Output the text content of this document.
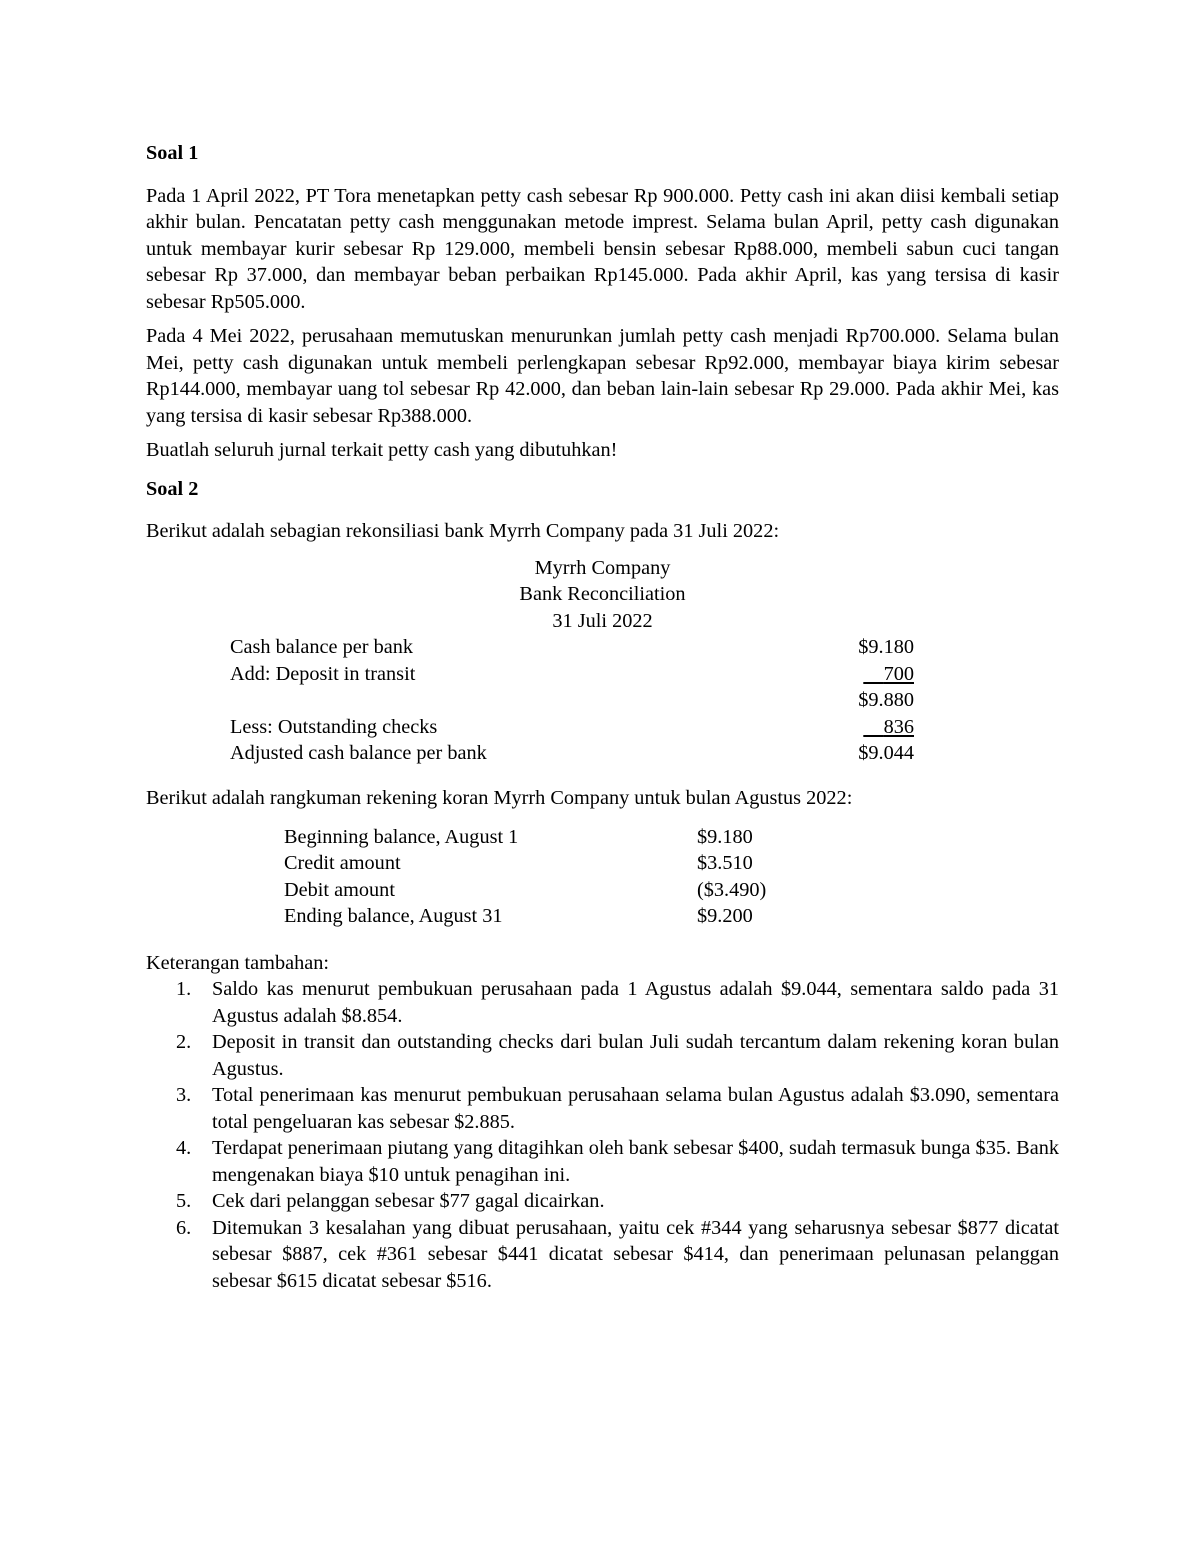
Soal 1

Pada 1 April 2022, PT Tora menetapkan petty cash sebesar Rp 900.000. Petty cash ini akan diisi kembali setiap akhir bulan. Pencatatan petty cash menggunakan metode imprest. Selama bulan April, petty cash digunakan untuk membayar kurir sebesar Rp 129.000, membeli bensin sebesar Rp88.000, membeli sabun cuci tangan sebesar Rp 37.000, dan membayar beban perbaikan Rp145.000. Pada akhir April, kas yang tersisa di kasir sebesar Rp505.000.

Pada 4 Mei 2022, perusahaan memutuskan menurunkan jumlah petty cash menjadi Rp700.000. Selama bulan Mei, petty cash digunakan untuk membeli perlengkapan sebesar Rp92.000, membayar biaya kirim sebesar Rp144.000, membayar uang tol sebesar Rp 42.000, dan beban lain-lain sebesar Rp 29.000. Pada akhir Mei, kas yang tersisa di kasir sebesar Rp388.000.

Buatlah seluruh jurnal terkait petty cash yang dibutuhkan!

Soal 2

Berikut adalah sebagian rekonsiliasi bank Myrrh Company pada 31 Juli 2022:

Myrrh Company
Bank Reconciliation
31 Juli 2022
Cash balance per bank	$9.180
Add: Deposit in transit	700
$9.880
Less: Outstanding checks	836
Adjusted cash balance per bank	$9.044

Berikut adalah rangkuman rekening koran Myrrh Company untuk bulan Agustus 2022:

Beginning balance, August 1	$9.180
Credit amount	$3.510
Debit amount	($3.490)
Ending balance, August 31	$9.200

Keterangan tambahan:

1. Saldo kas menurut pembukuan perusahaan pada 1 Agustus adalah $9.044, sementara saldo pada 31 Agustus adalah $8.854.
2. Deposit in transit dan outstanding checks dari bulan Juli sudah tercantum dalam rekening koran bulan Agustus.
3. Total penerimaan kas menurut pembukuan perusahaan selama bulan Agustus adalah $3.090, sementara total pengeluaran kas sebesar $2.885.
4. Terdapat penerimaan piutang yang ditagihkan oleh bank sebesar $400, sudah termasuk bunga $35. Bank mengenakan biaya $10 untuk penagihan ini.
5. Cek dari pelanggan sebesar $77 gagal dicairkan.
6. Ditemukan 3 kesalahan yang dibuat perusahaan, yaitu cek #344 yang seharusnya sebesar $877 dicatat sebesar $887, cek #361 sebesar $441 dicatat sebesar $414, dan penerimaan pelunasan pelanggan sebesar $615 dicatat sebesar $516.
